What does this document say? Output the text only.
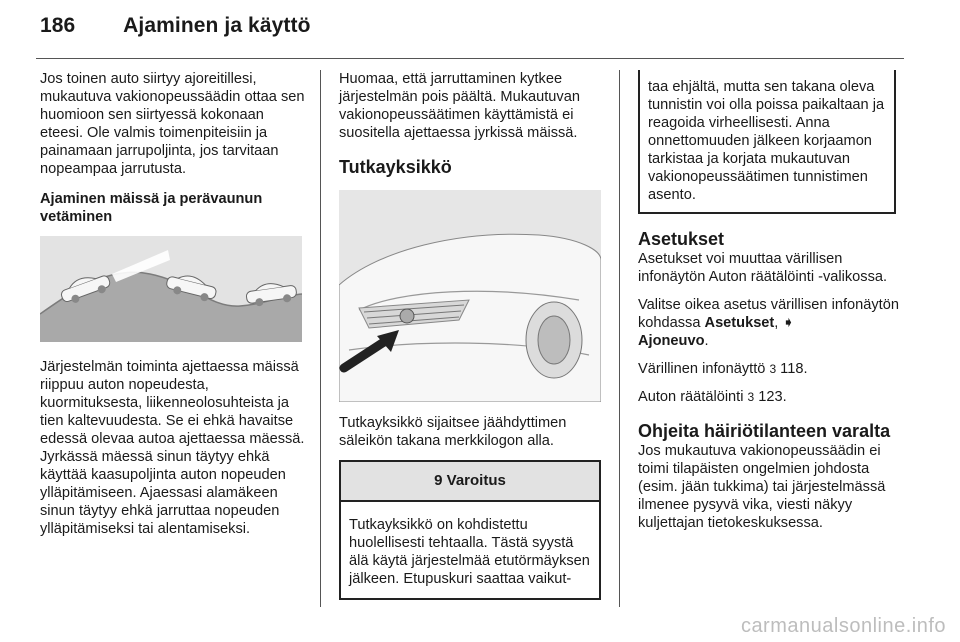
186 Ajaminen ja käyttö

Jos toinen auto siirtyy ajoreitillesi, mukautuva vakionopeussäädin ottaa sen huomioon sen siirtyessä kokonaan eteesi. Ole valmis toimenpiteisiin ja painamaan jarrupoljinta, jos tarvitaan nopeampaa jarrutusta.

Ajaminen mäissä ja perävaunun vetäminen

Järjestelmän toiminta ajettaessa mäissä riippuu auton nopeudesta, kuormituksesta, liikenneolosuhteista ja tien kaltevuudesta. Se ei ehkä havaitse edessä olevaa autoa ajettaessa mäessä. Jyrkässä mäessä sinun täytyy ehkä käyttää kaasupoljinta auton nopeuden ylläpitämiseen. Ajaessasi alamäkeen sinun täytyy ehkä jarruttaa nopeuden ylläpitämiseksi tai alentamiseksi.

Huomaa, että jarruttaminen kytkee järjestelmän pois päältä. Mukautuvan vakionopeussäätimen käyttämistä ei suositella ajettaessa jyrkissä mäissä.

Tutkayksikkö

Tutkayksikkö sijaitsee jäähdyttimen säleikön takana merkkilogon alla.

9 Varoitus
Tutkayksikkö on kohdistettu huolellisesti tehtaalla. Tästä syystä älä käytä järjestelmää etutörmäyksen jälkeen. Etupuskuri saattaa vaikut-
taa ehjältä, mutta sen takana oleva tunnistin voi olla poissa paikaltaan ja reagoida virheellisesti. Anna onnettomuuden jälkeen korjaamon tarkistaa ja korjata mukautuvan vakionopeussäätimen tunnistimen asento.

Asetukset

Asetukset voi muuttaa värillisen infonäytön Auton räätälöinti -valikossa.

Valitse oikea asetus värillisen infonäytön kohdassa Asetukset, ➧
Ajoneuvo.

Värillinen infonäyttö 3 118.

Auton räätälöinti 3 123.

Ohjeita häiriötilanteen varalta

Jos mukautuva vakionopeussäädin ei toimi tilapäisten ongelmien johdosta (esim. jään tukkima) tai järjestelmässä ilmenee pysyvä vika, viesti näkyy kuljettajan tietokeskuksessa.

carmanualsonline.info
